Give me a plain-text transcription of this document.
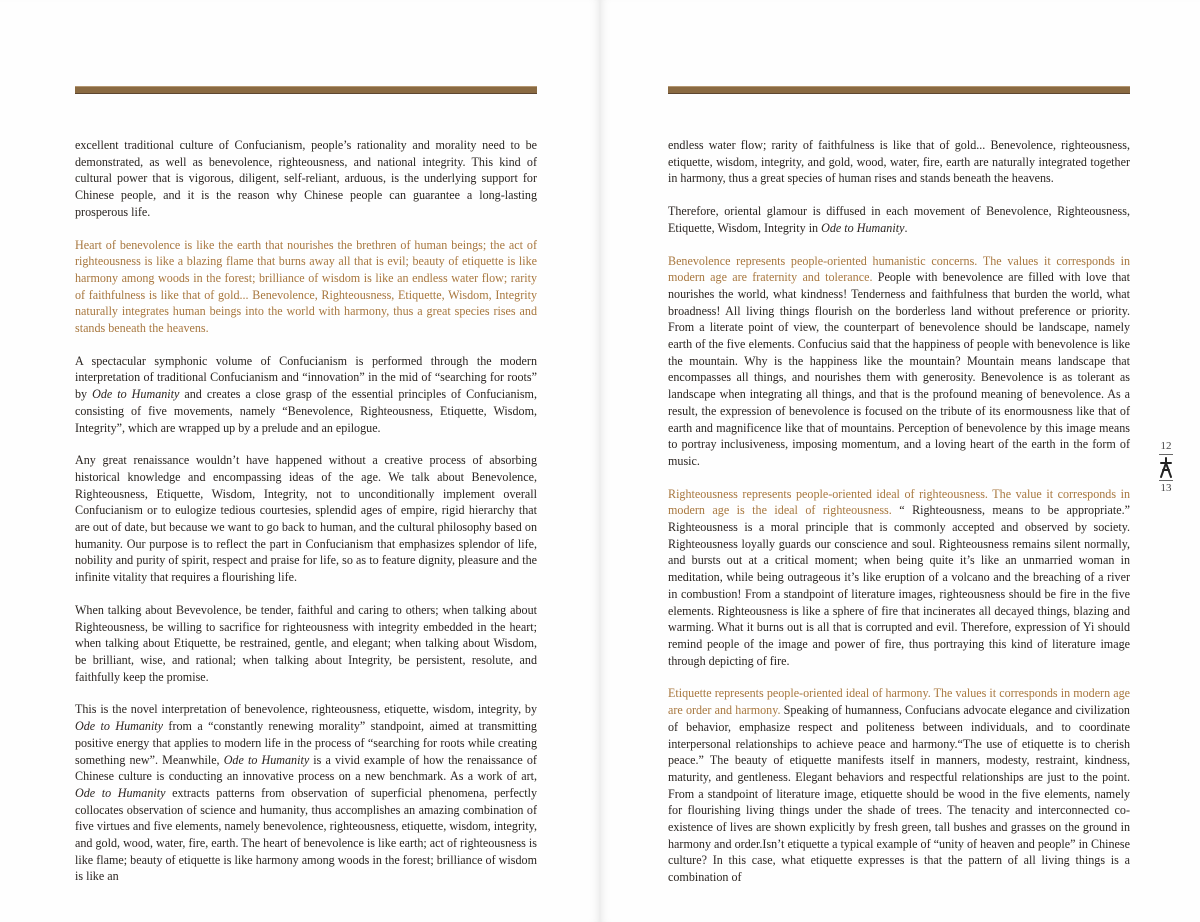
excellent traditional culture of Confucianism, people’s rationality and morality need to be demonstrated, as well as benevolence, righteousness, and national integrity. This kind of cultural power that is vigorous, diligent, self-reliant, arduous, is the underlying support for Chinese people, and it is the reason why Chinese people can guarantee a long-lasting prosperous life.

Heart of benevolence is like the earth that nourishes the brethren of human beings; the act of righteousness is like a blazing flame that burns away all that is evil; beauty of etiquette is like harmony among woods in the forest; brilliance of wisdom is like an endless water flow; rarity of faithfulness is like that of gold... Benevolence, Righteousness, Etiquette, Wisdom, Integrity naturally integrates human beings into the world with harmony, thus a great species rises and stands beneath the heavens.

A spectacular symphonic volume of Confucianism is performed through the modern interpretation of traditional Confucianism and “innovation” in the mid of “searching for roots” by Ode to Humanity and creates a close grasp of the essential principles of Confucianism, consisting of five movements, namely “Benevolence, Righteousness, Etiquette, Wisdom, Integrity”, which are wrapped up by a prelude and an epilogue.

Any great renaissance wouldn’t have happened without a creative process of absorbing historical knowledge and encompassing ideas of the age. We talk about Benevolence, Righteousness, Etiquette, Wisdom, Integrity, not to unconditionally implement overall Confucianism or to eulogize tedious courtesies, splendid ages of empire, rigid hierarchy that are out of date, but because we want to go back to human, and the cultural philosophy based on humanity. Our purpose is to reflect the part in Confucianism that emphasizes splendor of life, nobility and purity of spirit, respect and praise for life, so as to feature dignity, pleasure and the infinite vitality that requires a flourishing life.

When talking about Bevevolence, be tender, faithful and caring to others; when talking about Righteousness, be willing to sacrifice for righteousness with integrity embedded in the heart; when talking about Etiquette, be restrained, gentle, and elegant; when talking about Wisdom, be brilliant, wise, and rational; when talking about Integrity, be persistent, resolute, and faithfully keep the promise.

This is the novel interpretation of benevolence, righteousness, etiquette, wisdom, integrity, by Ode to Humanity from a “constantly renewing morality” standpoint, aimed at transmitting positive energy that applies to modern life in the process of “searching for roots while creating something new”. Meanwhile, Ode to Humanity is a vivid example of how the renaissance of Chinese culture is conducting an innovative process on a new benchmark. As a work of art, Ode to Humanity extracts patterns from observation of superficial phenomena, perfectly collocates observation of science and humanity, thus accomplishes an amazing combination of five virtues and five elements, namely benevolence, righteousness, etiquette, wisdom, integrity, and gold, wood, water, fire, earth. The heart of benevolence is like earth; act of righteousness is like flame; beauty of etiquette is like harmony among woods in the forest; brilliance of wisdom is like an

endless water flow; rarity of faithfulness is like that of gold... Benevolence, righteousness, etiquette, wisdom, integrity, and gold, wood, water, fire, earth are naturally integrated together in harmony, thus a great species of human rises and stands beneath the heavens.

Therefore, oriental glamour is diffused in each movement of Benevolence, Righteousness, Etiquette, Wisdom, Integrity in Ode to Humanity.

Benevolence represents people-oriented humanistic concerns. The values it corresponds in modern age are fraternity and tolerance. People with benevolence are filled with love that nourishes the world, what kindness! Tenderness and faithfulness that burden the world, what broadness! All living things flourish on the borderless land without preference or priority. From a literate point of view, the counterpart of benevolence should be landscape, namely earth of the five elements. Confucius said that the happiness of people with benevolence is like the mountain. Why is the happiness like the mountain? Mountain means landscape that encompasses all things, and nourishes them with generosity. Benevolence is as tolerant as landscape when integrating all things, and that is the profound meaning of benevolence. As a result, the expression of benevolence is focused on the tribute of its enormousness like that of earth and magnificence like that of mountains. Perception of benevolence by this image means to portray inclusiveness, imposing momentum, and a loving heart of the earth in the form of music.

Righteousness represents people-oriented ideal of righteousness. The value it corresponds in modern age is the ideal of righteousness. “ Righteousness, means to be appropriate.” Righteousness is a moral principle that is commonly accepted and observed by society. Righteousness loyally guards our conscience and soul. Righteousness remains silent normally, and bursts out at a critical moment; when being quite it’s like an unmarried woman in meditation, while being outrageous it’s like eruption of a volcano and the breaching of a river in combustion! From a standpoint of literature images, righteousness should be fire in the five elements. Righteousness is like a sphere of fire that incinerates all decayed things, blazing and warming. What it burns out is all that is corrupted and evil. Therefore, expression of Yi should remind people of the image and power of fire, thus portraying this kind of literature image through depicting of fire.

Etiquette represents people-oriented ideal of harmony. The values it corresponds in modern age are order and harmony. Speaking of humanness, Confucians advocate elegance and civilization of behavior, emphasize respect and politeness between individuals, and to coordinate interpersonal relationships to achieve peace and harmony.“The use of etiquette is to cherish peace.” The beauty of etiquette manifests itself in manners, modesty, restraint, kindness, maturity, and gentleness. Elegant behaviors and respectful relationships are just to the point. From a standpoint of literature image, etiquette should be wood in the five elements, namely for flourishing living things under the shade of trees. The tenacity and interconnected co-existence of lives are shown explicitly by fresh green, tall bushes and grasses on the ground in harmony and order.Isn’t etiquette a typical example of “unity of heaven and people” in Chinese culture? In this case, what etiquette expresses is that the pattern of all living things is a combination of

12
13
